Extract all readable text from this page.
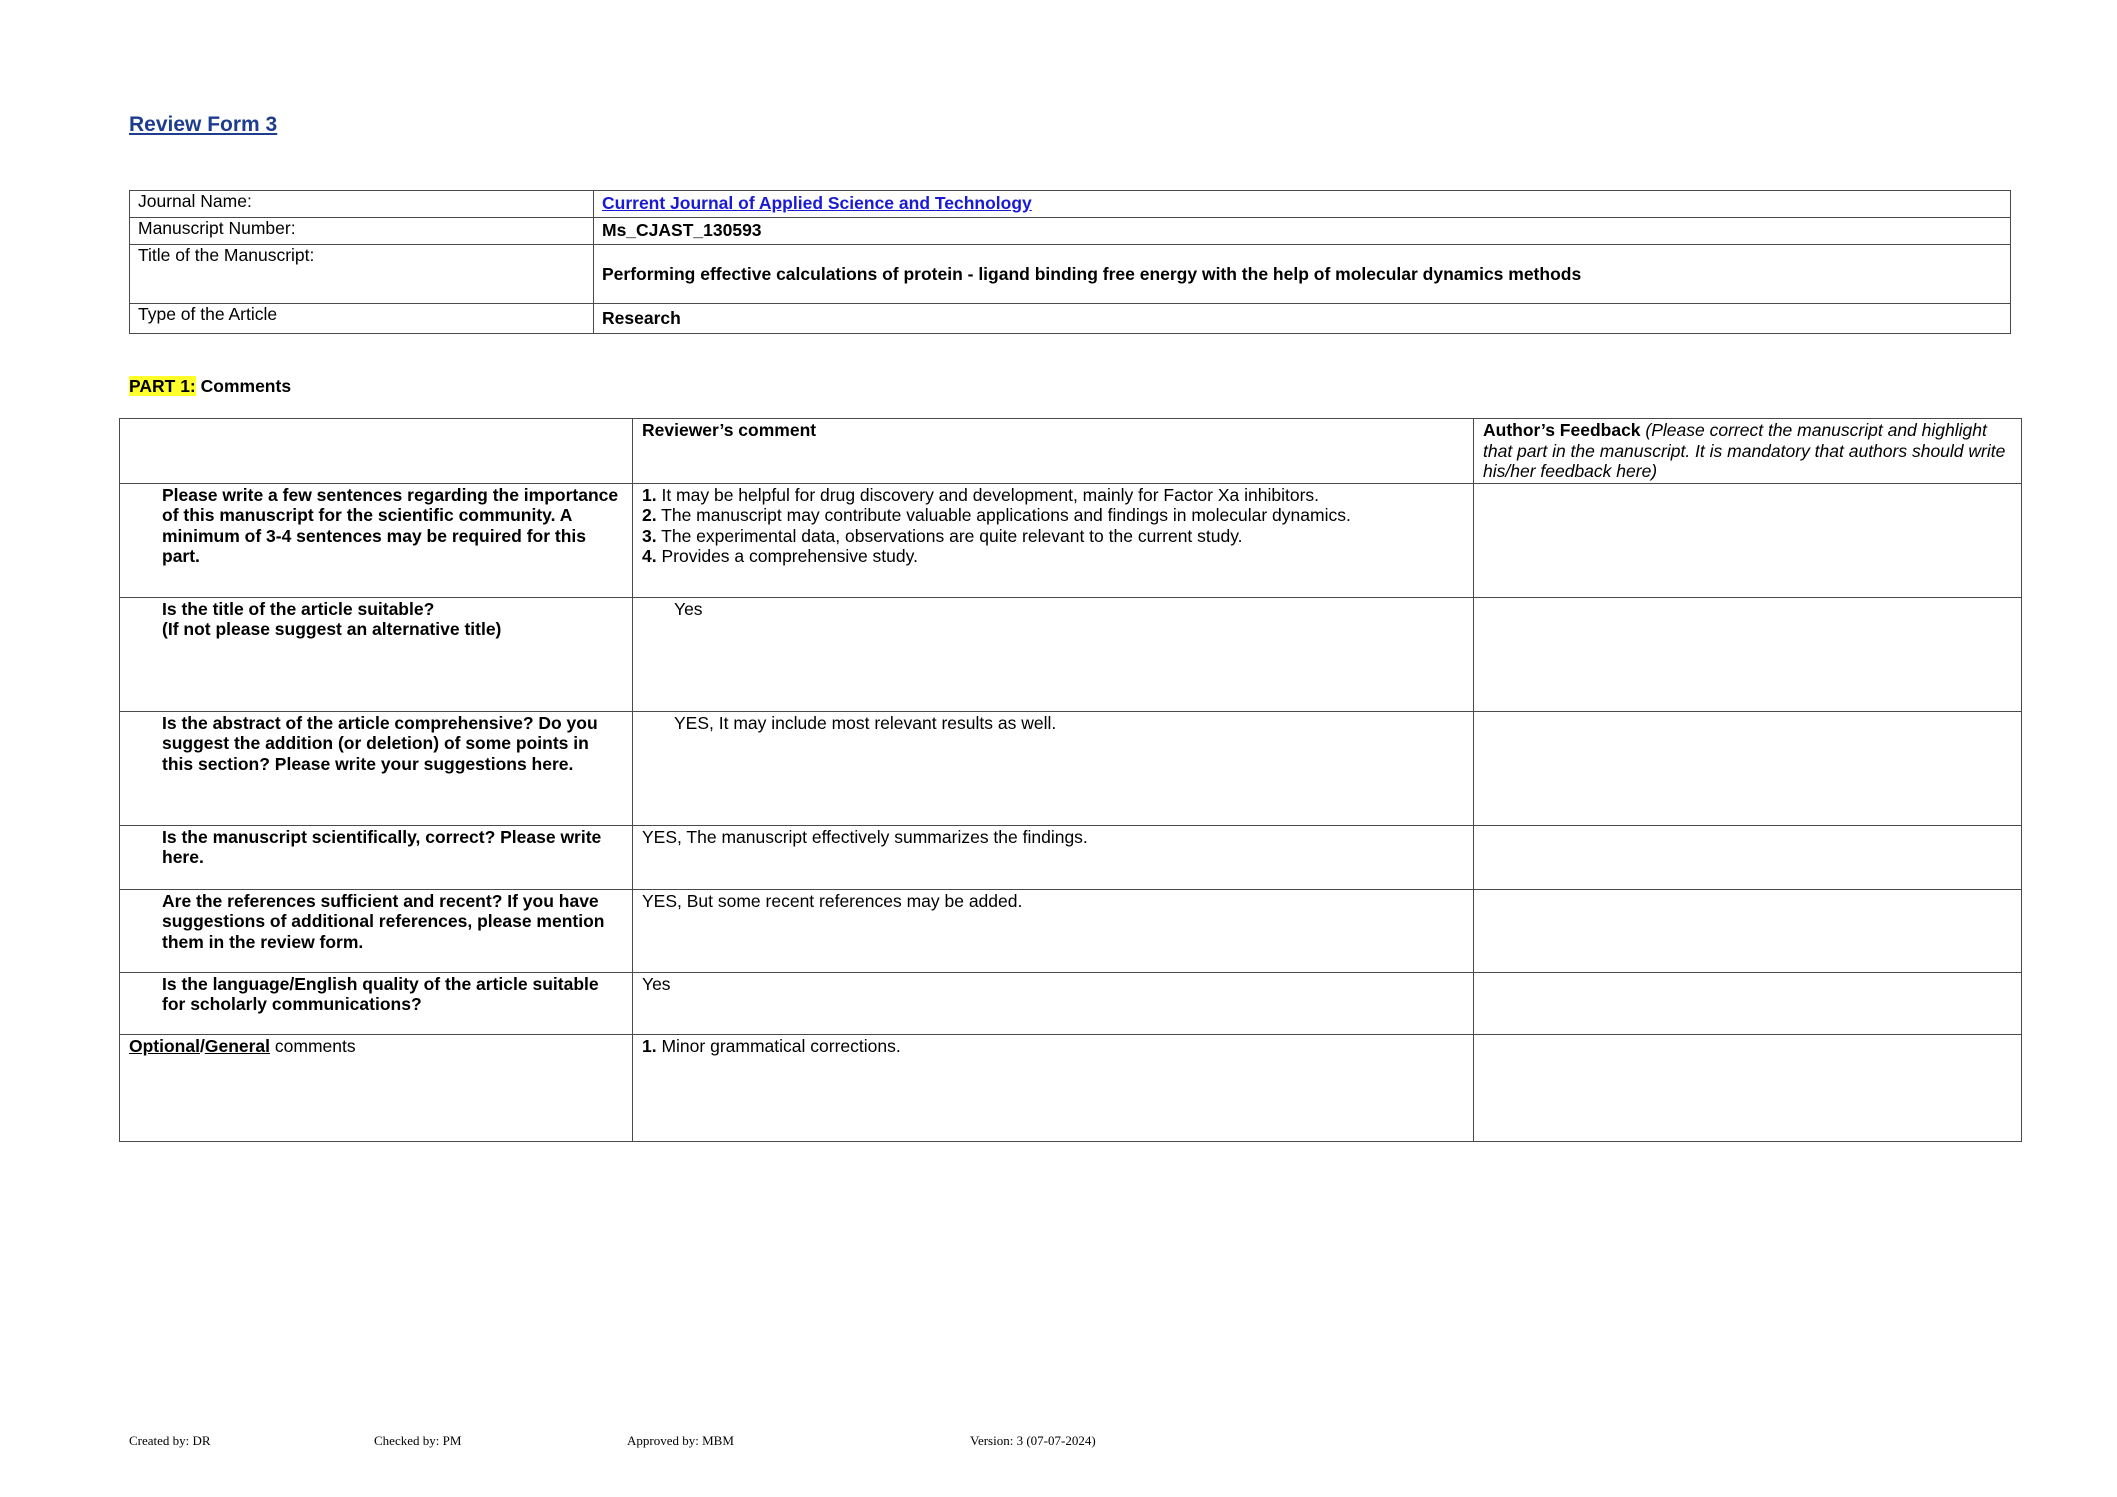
Review Form 3
Journal Name:	Current Journal of Applied Science and Technology
Manuscript Number:	Ms_CJAST_130593
Title of the Manuscript:	Performing effective calculations of protein - ligand binding free energy with the help of molecular dynamics methods
Type of the Article	Research
PART 1: Comments
	Reviewer’s comment	Author’s Feedback (Please correct the manuscript and highlight that part in the manuscript. It is mandatory that authors should write his/her feedback here)
Please write a few sentences regarding the importance of this manuscript for the scientific community. A minimum of 3-4 sentences may be required for this part.	1. It may be helpful for drug discovery and development, mainly for Factor Xa inhibitors.
2. The manuscript may contribute valuable applications and findings in molecular dynamics.
3. The experimental data, observations are quite relevant to the current study.
4. Provides a comprehensive study.	

Is the title of the article suitable?
(If not please suggest an alternative title)	Yes	

Is the abstract of the article comprehensive? Do you suggest the addition (or deletion) of some points in this section? Please write your suggestions here.	YES, It may include most relevant results as well.	

Is the manuscript scientifically, correct? Please write here.	YES, The manuscript effectively summarizes the findings.	
Are the references sufficient and recent? If you have suggestions of additional references, please mention them in the review form.	YES, But some recent references may be added.	
Is the language/English quality of the article suitable for scholarly communications?	Yes	
Optional/General comments	1. Minor grammatical corrections.	
Created by: DR	Checked by: PM	Approved by: MBM	Version: 3 (07-07-2024)
